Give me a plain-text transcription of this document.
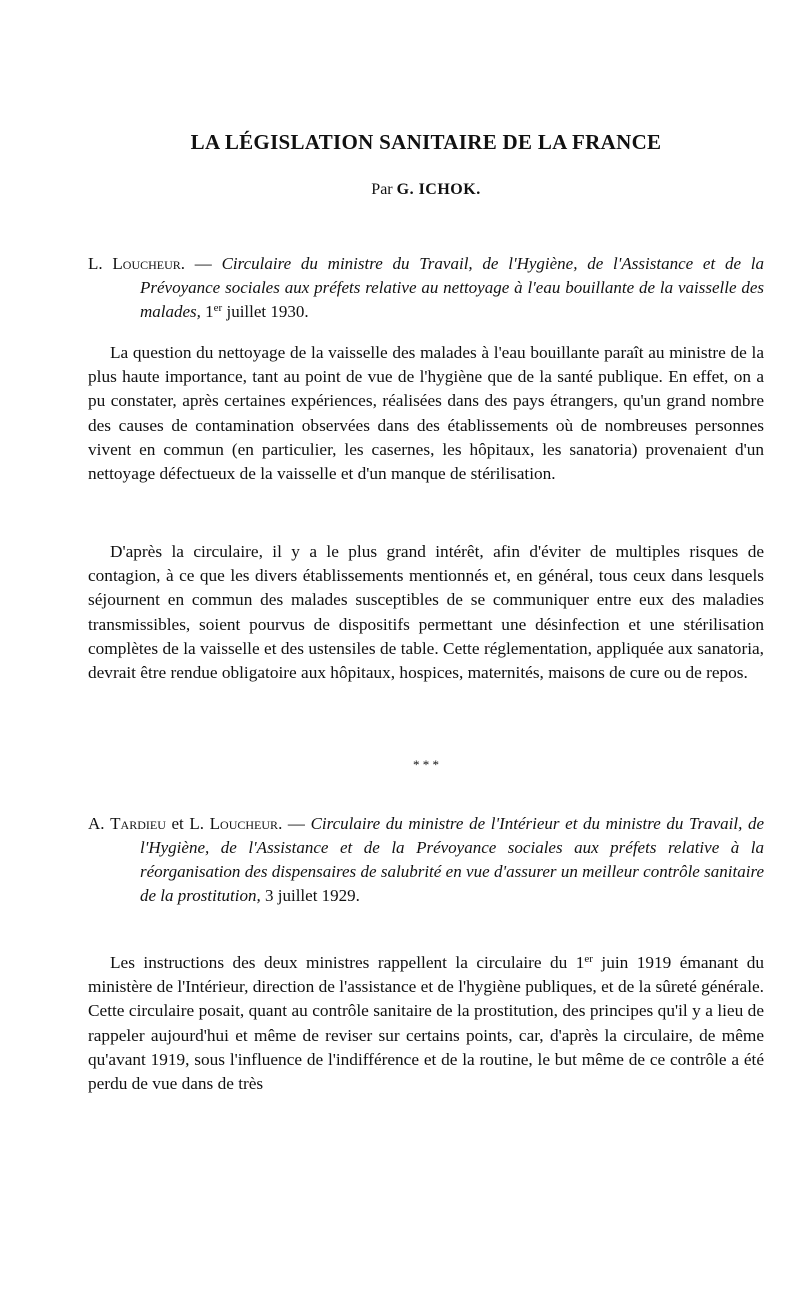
LA LÉGISLATION SANITAIRE DE LA FRANCE

Par G. ICHOK.

L. Loucheur. — Circulaire du ministre du Travail, de l'Hygiène, de l'Assistance et de la Prévoyance sociales aux préfets relative au nettoyage à l'eau bouillante de la vaisselle des malades, 1er juillet 1930.

La question du nettoyage de la vaisselle des malades à l'eau bouillante paraît au ministre de la plus haute importance, tant au point de vue de l'hygiène que de la santé publique. En effet, on a pu constater, après certaines expériences, réalisées dans des pays étrangers, qu'un grand nombre des causes de contamination observées dans des établissements où de nombreuses personnes vivent en commun (en particulier, les casernes, les hôpitaux, les sanatoria) provenaient d'un nettoyage défectueux de la vaisselle et d'un manque de stérilisation.

D'après la circulaire, il y a le plus grand intérêt, afin d'éviter de multiples risques de contagion, à ce que les divers établissements mentionnés et, en général, tous ceux dans lesquels séjournent en commun des malades susceptibles de se communiquer entre eux des maladies transmissibles, soient pourvus de dispositifs permettant une désinfection et une stérilisation complètes de la vaisselle et des ustensiles de table. Cette réglementation, appliquée aux sanatoria, devrait être rendue obligatoire aux hôpitaux, hospices, maternités, maisons de cure ou de repos.

* * *

A. Tardieu et L. Loucheur. — Circulaire du ministre de l'Intérieur et du ministre du Travail, de l'Hygiène, de l'Assistance et de la Prévoyance sociales aux préfets relative à la réorganisation des dispensaires de salubrité en vue d'assurer un meilleur contrôle sanitaire de la prostitution, 3 juillet 1929.

Les instructions des deux ministres rappellent la circulaire du 1er juin 1919 émanant du ministère de l'Intérieur, direction de l'assistance et de l'hygiène publiques, et de la sûreté générale. Cette circulaire posait, quant au contrôle sanitaire de la prostitution, des principes qu'il y a lieu de rappeler aujourd'hui et même de reviser sur certains points, car, d'après la circulaire, de même qu'avant 1919, sous l'influence de l'indifférence et de la routine, le but même de ce contrôle a été perdu de vue dans de très
